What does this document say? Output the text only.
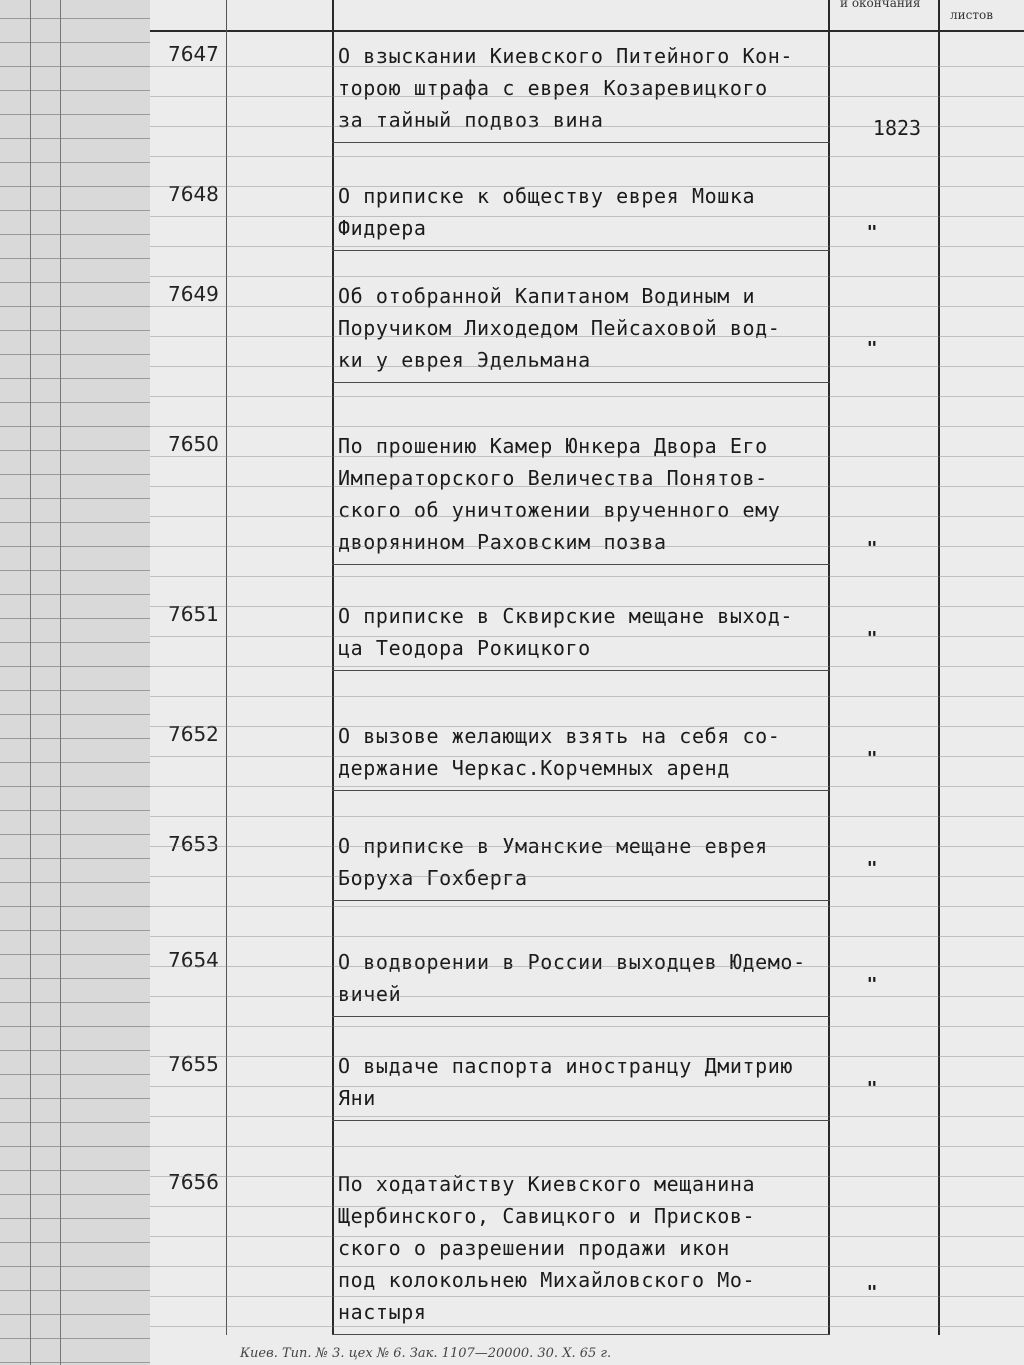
и окончания
листов
7647	О взыскании Киевского Питейного Кон-
торою штрафа с еврея Козаревицкого
за тайный подвоз вина	1823
7648	О приписке к обществу еврея Мошка
Фидрера	"
7649	Об отобранной Капитаном Водиным и
Поручиком Лиходедом Пейсаховой вод-
ки у еврея Эдельмана	"
7650	По прошению Камер Юнкера Двора Его
Императорского Величества Понятов-
ского об уничтожении врученного ему
дворянином Раховским позва	"
7651	О приписке в Сквирские мещане выход-
ца Теодора Рокицкого	"
7652	О вызове желающих взять на себя со-
держание Черкас.Корчемных аренд	"
7653	О приписке в Уманские мещане еврея
Боруха Гохберга	"
7654	О водворении в России выходцев Юдемо-
вичей	"
7655	О выдаче паспорта иностранцу Дмитрию
Яни	"
7656	По ходатайству Киевского мещанина
Щербинского, Савицкого и Присков-
ского о разрешении продажи икон
под колокольнею Михайловского Мо-
настыря
"
Киев. Тип. № 3. цех № 6. Зак. 1107—20000. 30. X. 65 г.
